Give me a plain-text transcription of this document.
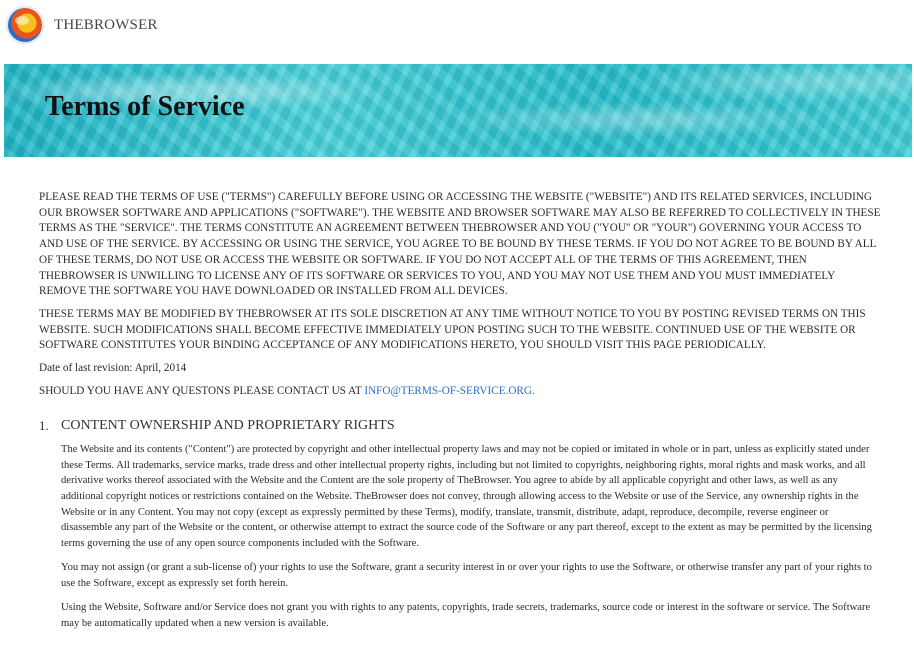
THEBROWSER
Terms of Service

PLEASE READ THE TERMS OF USE ("TERMS") CAREFULLY BEFORE USING OR ACCESSING THE WEBSITE ("WEBSITE") AND ITS RELATED SERVICES, INCLUDING OUR BROWSER SOFTWARE AND APPLICATIONS ("SOFTWARE"). THE WEBSITE AND BROWSER SOFTWARE MAY ALSO BE REFERRED TO COLLECTIVELY IN THESE TERMS AS THE "SERVICE". THE TERMS CONSTITUTE AN AGREEMENT BETWEEN THEBROWSER AND YOU ("YOU" OR "YOUR") GOVERNING YOUR ACCESS TO AND USE OF THE SERVICE. BY ACCESSING OR USING THE SERVICE, YOU AGREE TO BE BOUND BY THESE TERMS. IF YOU DO NOT AGREE TO BE BOUND BY ALL OF THESE TERMS, DO NOT USE OR ACCESS THE WEBSITE OR SOFTWARE. IF YOU DO NOT ACCEPT ALL OF THE TERMS OF THIS AGREEMENT, THEN THEBROWSER IS UNWILLING TO LICENSE ANY OF ITS SOFTWARE OR SERVICES TO YOU, AND YOU MAY NOT USE THEM AND YOU MUST IMMEDIATELY REMOVE THE SOFTWARE YOU HAVE DOWNLOADED OR INSTALLED FROM ALL DEVICES.

THESE TERMS MAY BE MODIFIED BY THEBROWSER AT ITS SOLE DISCRETION AT ANY TIME WITHOUT NOTICE TO YOU BY POSTING REVISED TERMS ON THIS WEBSITE. SUCH MODIFICATIONS SHALL BECOME EFFECTIVE IMMEDIATELY UPON POSTING SUCH TO THE WEBSITE. CONTINUED USE OF THE WEBSITE OR SOFTWARE CONSTITUTES YOUR BINDING ACCEPTANCE OF ANY MODIFICATIONS HERETO, YOU SHOULD VISIT THIS PAGE PERIODICALLY.

Date of last revision: April, 2014

SHOULD YOU HAVE ANY QUESTONS PLEASE CONTACT US AT INFO@TERMS-OF-SERVICE.ORG.

1. CONTENT OWNERSHIP AND PROPRIETARY RIGHTS

The Website and its contents ("Content") are protected by copyright and other intellectual property laws and may not be copied or imitated in whole or in part, unless as explicitly stated under these Terms. All trademarks, service marks, trade dress and other intellectual property rights, including but not limited to copyrights, neighboring rights, moral rights and mask works, and all derivative works thereof associated with the Website and the Content are the sole property of TheBrowser. You agree to abide by all applicable copyright and other laws, as well as any additional copyright notices or restrictions contained on the Website. TheBrowser does not convey, through allowing access to the Website or use of the Service, any ownership rights in the Website or in any Content. You may not copy (except as expressly permitted by these Terms), modify, translate, transmit, distribute, adapt, reproduce, decompile, reverse engineer or disassemble any part of the Website or the content, or otherwise attempt to extract the source code of the Software or any part thereof, except to the extent as may be permitted by the licensing terms governing the use of any open source components included with the Software.

You may not assign (or grant a sub-license of) your rights to use the Software, grant a security interest in or over your rights to use the Software, or otherwise transfer any part of your rights to use the Software, except as expressly set forth herein.

Using the Website, Software and/or Service does not grant you with rights to any patents, copyrights, trade secrets, trademarks, source code or interest in the software or service. The Software may be automatically updated when a new version is available.
